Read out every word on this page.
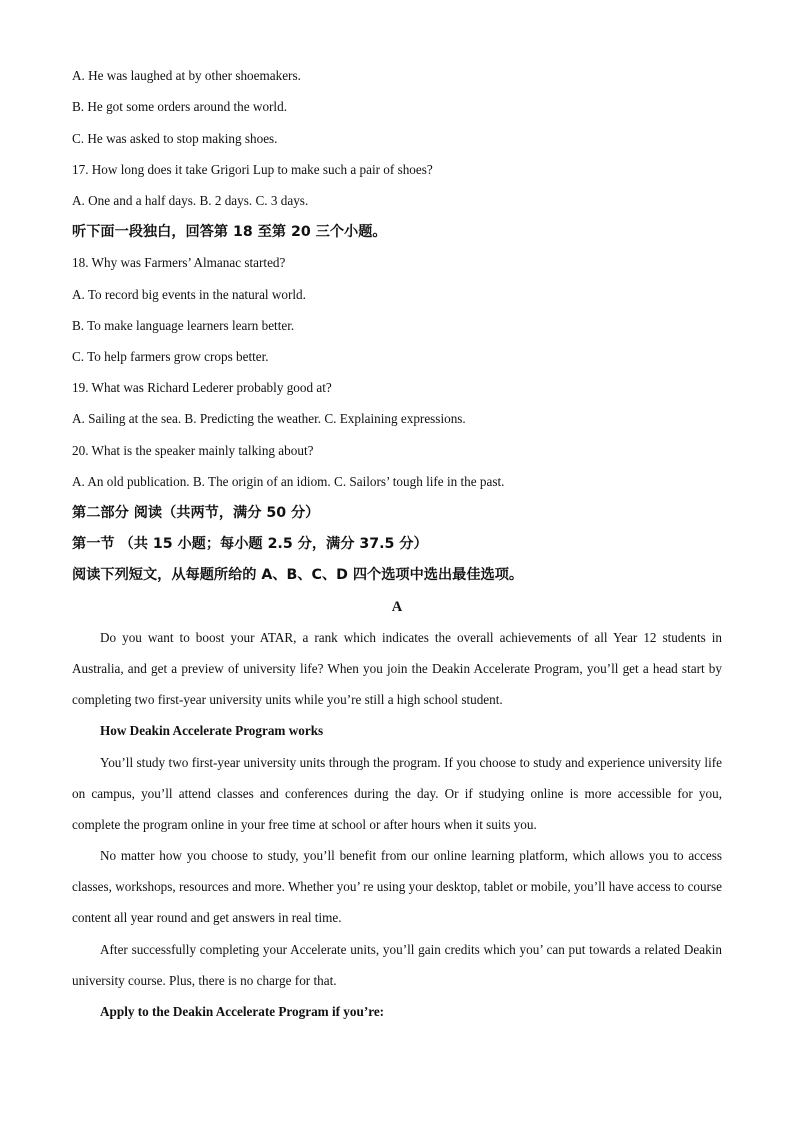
A. He was laughed at by other shoemakers.
B. He got some orders around the world.
C. He was asked to stop making shoes.
17. How long does it take Grigori Lup to make such a pair of shoes?
A. One and a half days. B. 2 days. C. 3 days.
听下面一段独白，回答第 18 至第 20 三个小题。
18. Why was Farmers’ Almanac started?
A. To record big events in the natural world.
B. To make language learners learn better.
C. To help farmers grow crops better.
19. What was Richard Lederer probably good at?
A. Sailing at the sea. B. Predicting the weather. C. Explaining expressions.
20. What is the speaker mainly talking about?
A. An old publication. B. The origin of an idiom. C. Sailors’ tough life in the past.
第二部分 阅读（共两节，满分 50 分）
第一节 （共 15 小题；每小题 2.5 分，满分 37.5 分）
阅读下列短文，从每题所给的 A、B、C、D 四个选项中选出最佳选项。
A
Do you want to boost your ATAR, a rank which indicates the overall achievements of all Year 12 students in Australia, and get a preview of university life? When you join the Deakin Accelerate Program, you’ll get a head start by completing two first-year university units while you’re still a high school student.
How Deakin Accelerate Program works
You’ll study two first-year university units through the program. If you choose to study and experience university life on campus, you’ll attend classes and conferences during the day. Or if studying online is more accessible for you, complete the program online in your free time at school or after hours when it suits you.
No matter how you choose to study, you’ll benefit from our online learning platform, which allows you to access classes, workshops, resources and more. Whether you’ re using your desktop, tablet or mobile, you’ll have access to course content all year round and get answers in real time.
After successfully completing your Accelerate units, you’ll gain credits which you’ can put towards a related Deakin university course. Plus, there is no charge for that.
Apply to the Deakin Accelerate Program if you’re:
